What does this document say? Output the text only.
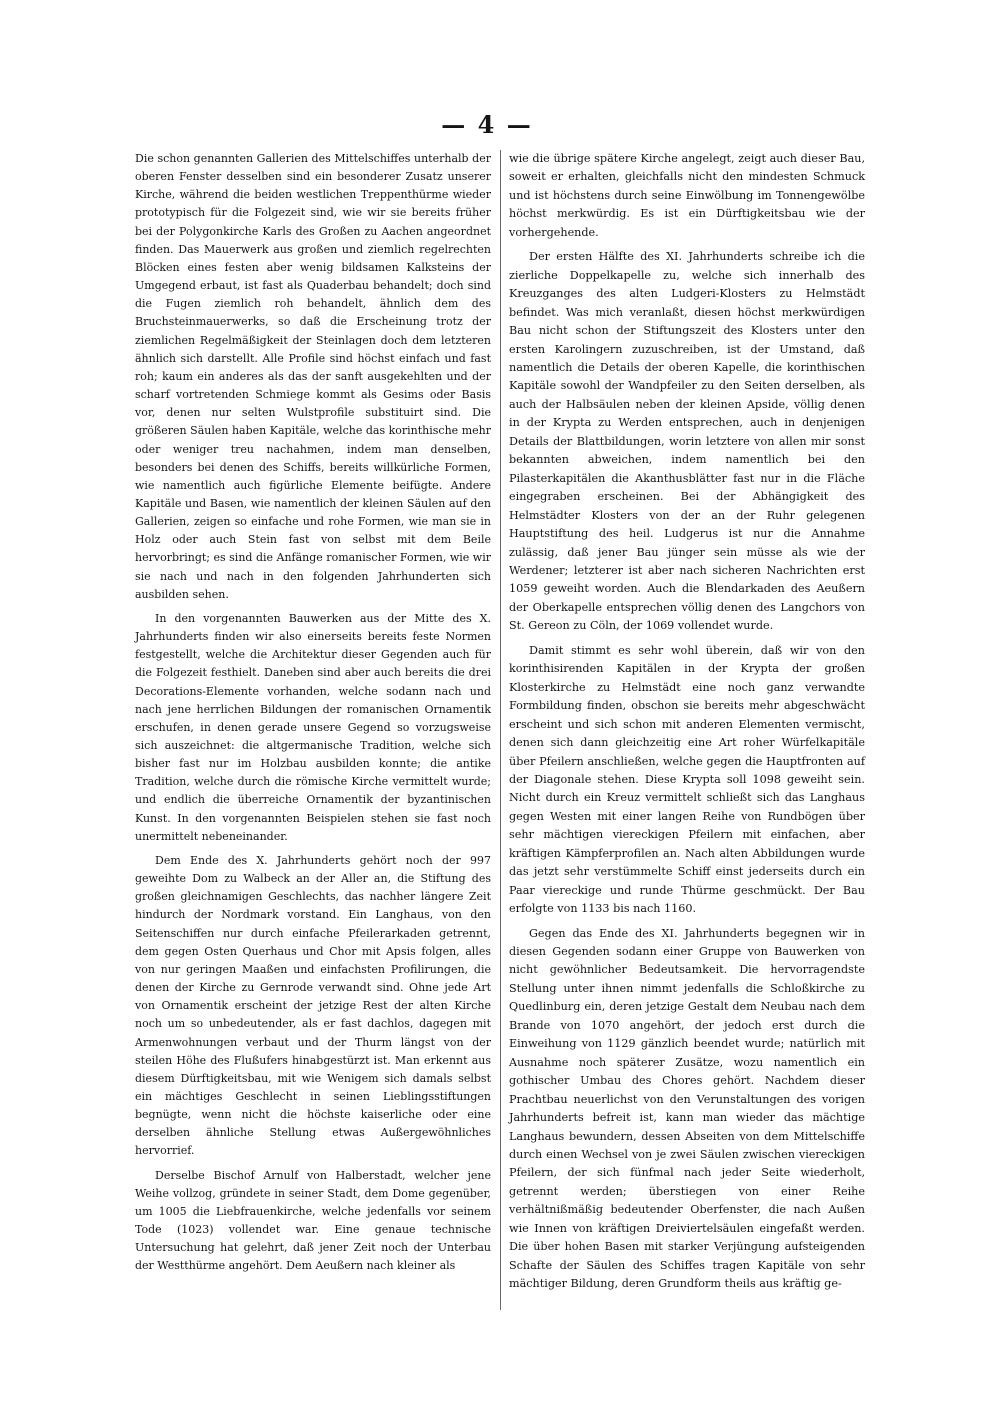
— 4 —

Die schon genannten Gallerien des Mittelschiffes unterhalb der oberen Fenster desselben sind ein besonderer Zusatz unserer Kirche, während die beiden westlichen Treppenthürme wieder prototypisch für die Folgezeit sind, wie wir sie bereits früher bei der Polygonkirche Karls des Großen zu Aachen angeordnet finden. Das Mauerwerk aus großen und ziemlich regelrechten Blöcken eines festen aber wenig bildsamen Kalksteins der Umgegend erbaut, ist fast als Quaderbau behandelt; doch sind die Fugen ziemlich roh behandelt, ähnlich dem des Bruchsteinmauerwerks, so daß die Erscheinung trotz der ziemlichen Regelmäßigkeit der Steinlagen doch dem letzteren ähnlich sich darstellt. Alle Profile sind höchst einfach und fast roh; kaum ein anderes als das der sanft ausgekehlten und der scharf vortretenden Schmiege kommt als Gesims oder Basis vor, denen nur selten Wulstprofile substituirt sind. Die größeren Säulen haben Kapitäle, welche das korinthische mehr oder weniger treu nachahmen, indem man denselben, besonders bei denen des Schiffs, bereits willkürliche Formen, wie namentlich auch figürliche Elemente beifügte. Andere Kapitäle und Basen, wie namentlich der kleinen Säulen auf den Gallerien, zeigen so einfache und rohe Formen, wie man sie in Holz oder auch Stein fast von selbst mit dem Beile hervorbringt; es sind die Anfänge romanischer Formen, wie wir sie nach und nach in den folgenden Jahrhunderten sich ausbilden sehen.

In den vorgenannten Bauwerken aus der Mitte des X. Jahrhunderts finden wir also einerseits bereits feste Normen festgestellt, welche die Architektur dieser Gegenden auch für die Folgezeit festhielt. Daneben sind aber auch bereits die drei Decorations-Elemente vorhanden, welche sodann nach und nach jene herrlichen Bildungen der romanischen Ornamentik erschufen, in denen gerade unsere Gegend so vorzugsweise sich auszeichnet: die altgermanische Tradition, welche sich bisher fast nur im Holzbau ausbilden konnte; die antike Tradition, welche durch die römische Kirche vermittelt wurde; und endlich die überreiche Ornamentik der byzantinischen Kunst. In den vorgenannten Beispielen stehen sie fast noch unermittelt nebeneinander.

Dem Ende des X. Jahrhunderts gehört noch der 997 geweihte Dom zu Walbeck an der Aller an, die Stiftung des großen gleichnamigen Geschlechts, das nachher längere Zeit hindurch der Nordmark vorstand. Ein Langhaus, von den Seitenschiffen nur durch einfache Pfeilerarkaden getrennt, dem gegen Osten Querhaus und Chor mit Apsis folgen, alles von nur geringen Maaßen und einfachsten Profilirungen, die denen der Kirche zu Gernrode verwandt sind. Ohne jede Art von Ornamentik erscheint der jetzige Rest der alten Kirche noch um so unbedeutender, als er fast dachlos, dagegen mit Armenwohnungen verbaut und der Thurm längst von der steilen Höhe des Flußufers hinabgestürzt ist. Man erkennt aus diesem Dürftigkeitsbau, mit wie Wenigem sich damals selbst ein mächtiges Geschlecht in seinen Lieblingsstiftungen begnügte, wenn nicht die höchste kaiserliche oder eine derselben ähnliche Stellung etwas Außergewöhnliches hervorrief.

Derselbe Bischof Arnulf von Halberstadt, welcher jene Weihe vollzog, gründete in seiner Stadt, dem Dome gegenüber, um 1005 die Liebfrauenkirche, welche jedenfalls vor seinem Tode (1023) vollendet war. Eine genaue technische Untersuchung hat gelehrt, daß jener Zeit noch der Unterbau der Westthürme angehört. Dem Aeußern nach kleiner als

wie die übrige spätere Kirche angelegt, zeigt auch dieser Bau, soweit er erhalten, gleichfalls nicht den mindesten Schmuck und ist höchstens durch seine Einwölbung im Tonnengewölbe höchst merkwürdig. Es ist ein Dürftigkeitsbau wie der vorhergehende.

Der ersten Hälfte des XI. Jahrhunderts schreibe ich die zierliche Doppelkapelle zu, welche sich innerhalb des Kreuzganges des alten Ludgeri-Klosters zu Helmstädt befindet. Was mich veranlaßt, diesen höchst merkwürdigen Bau nicht schon der Stiftungszeit des Klosters unter den ersten Karolingern zuzuschreiben, ist der Umstand, daß namentlich die Details der oberen Kapelle, die korinthischen Kapitäle sowohl der Wandpfeiler zu den Seiten derselben, als auch der Halbsäulen neben der kleinen Apside, völlig denen in der Krypta zu Werden entsprechen, auch in denjenigen Details der Blattbildungen, worin letztere von allen mir sonst bekannten abweichen, indem namentlich bei den Pilasterkapitälen die Akanthusblätter fast nur in die Fläche eingegraben erscheinen. Bei der Abhängigkeit des Helmstädter Klosters von der an der Ruhr gelegenen Hauptstiftung des heil. Ludgerus ist nur die Annahme zulässig, daß jener Bau jünger sein müsse als wie der Werdener; letzterer ist aber nach sicheren Nachrichten erst 1059 geweiht worden. Auch die Blendarkaden des Aeußern der Oberkapelle entsprechen völlig denen des Langchors von St. Gereon zu Cöln, der 1069 vollendet wurde.

Damit stimmt es sehr wohl überein, daß wir von den korinthisirenden Kapitälen in der Krypta der großen Klosterkirche zu Helmstädt eine noch ganz verwandte Formbildung finden, obschon sie bereits mehr abgeschwächt erscheint und sich schon mit anderen Elementen vermischt, denen sich dann gleichzeitig eine Art roher Würfelkapitäle über Pfeilern anschließen, welche gegen die Hauptfronten auf der Diagonale stehen. Diese Krypta soll 1098 geweiht sein. Nicht durch ein Kreuz vermittelt schließt sich das Langhaus gegen Westen mit einer langen Reihe von Rundbögen über sehr mächtigen viereckigen Pfeilern mit einfachen, aber kräftigen Kämpferprofilen an. Nach alten Abbildungen wurde das jetzt sehr verstümmelte Schiff einst jederseits durch ein Paar viereckige und runde Thürme geschmückt. Der Bau erfolgte von 1133 bis nach 1160.

Gegen das Ende des XI. Jahrhunderts begegnen wir in diesen Gegenden sodann einer Gruppe von Bauwerken von nicht gewöhnlicher Bedeutsamkeit. Die hervorragendste Stellung unter ihnen nimmt jedenfalls die Schloßkirche zu Quedlinburg ein, deren jetzige Gestalt dem Neubau nach dem Brande von 1070 angehört, der jedoch erst durch die Einweihung von 1129 gänzlich beendet wurde; natürlich mit Ausnahme noch späterer Zusätze, wozu namentlich ein gothischer Umbau des Chores gehört. Nachdem dieser Prachtbau neuerlichst von den Verunstaltungen des vorigen Jahrhunderts befreit ist, kann man wieder das mächtige Langhaus bewundern, dessen Abseiten von dem Mittelschiffe durch einen Wechsel von je zwei Säulen zwischen viereckigen Pfeilern, der sich fünfmal nach jeder Seite wiederholt, getrennt werden; überstiegen von einer Reihe verhältnißmäßig bedeutender Oberfenster, die nach Außen wie Innen von kräftigen Dreiviertelsäulen eingefaßt werden. Die über hohen Basen mit starker Verjüngung aufsteigenden Schafte der Säulen des Schiffes tragen Kapitäle von sehr mächtiger Bildung, deren Grundform theils aus kräftig ge-
